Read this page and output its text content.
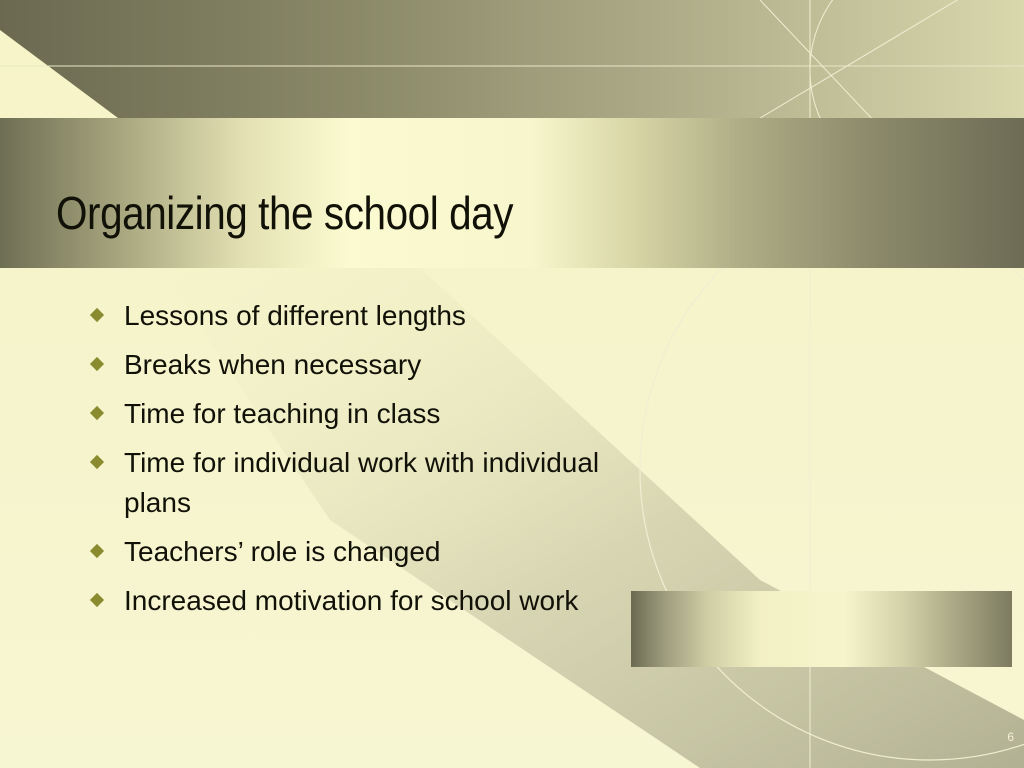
Organizing the school day
Lessons of different lengths
Breaks when necessary
Time for teaching in class
Time for individual work with individual plans
Teachers’ role is changed
Increased motivation for school work
6
